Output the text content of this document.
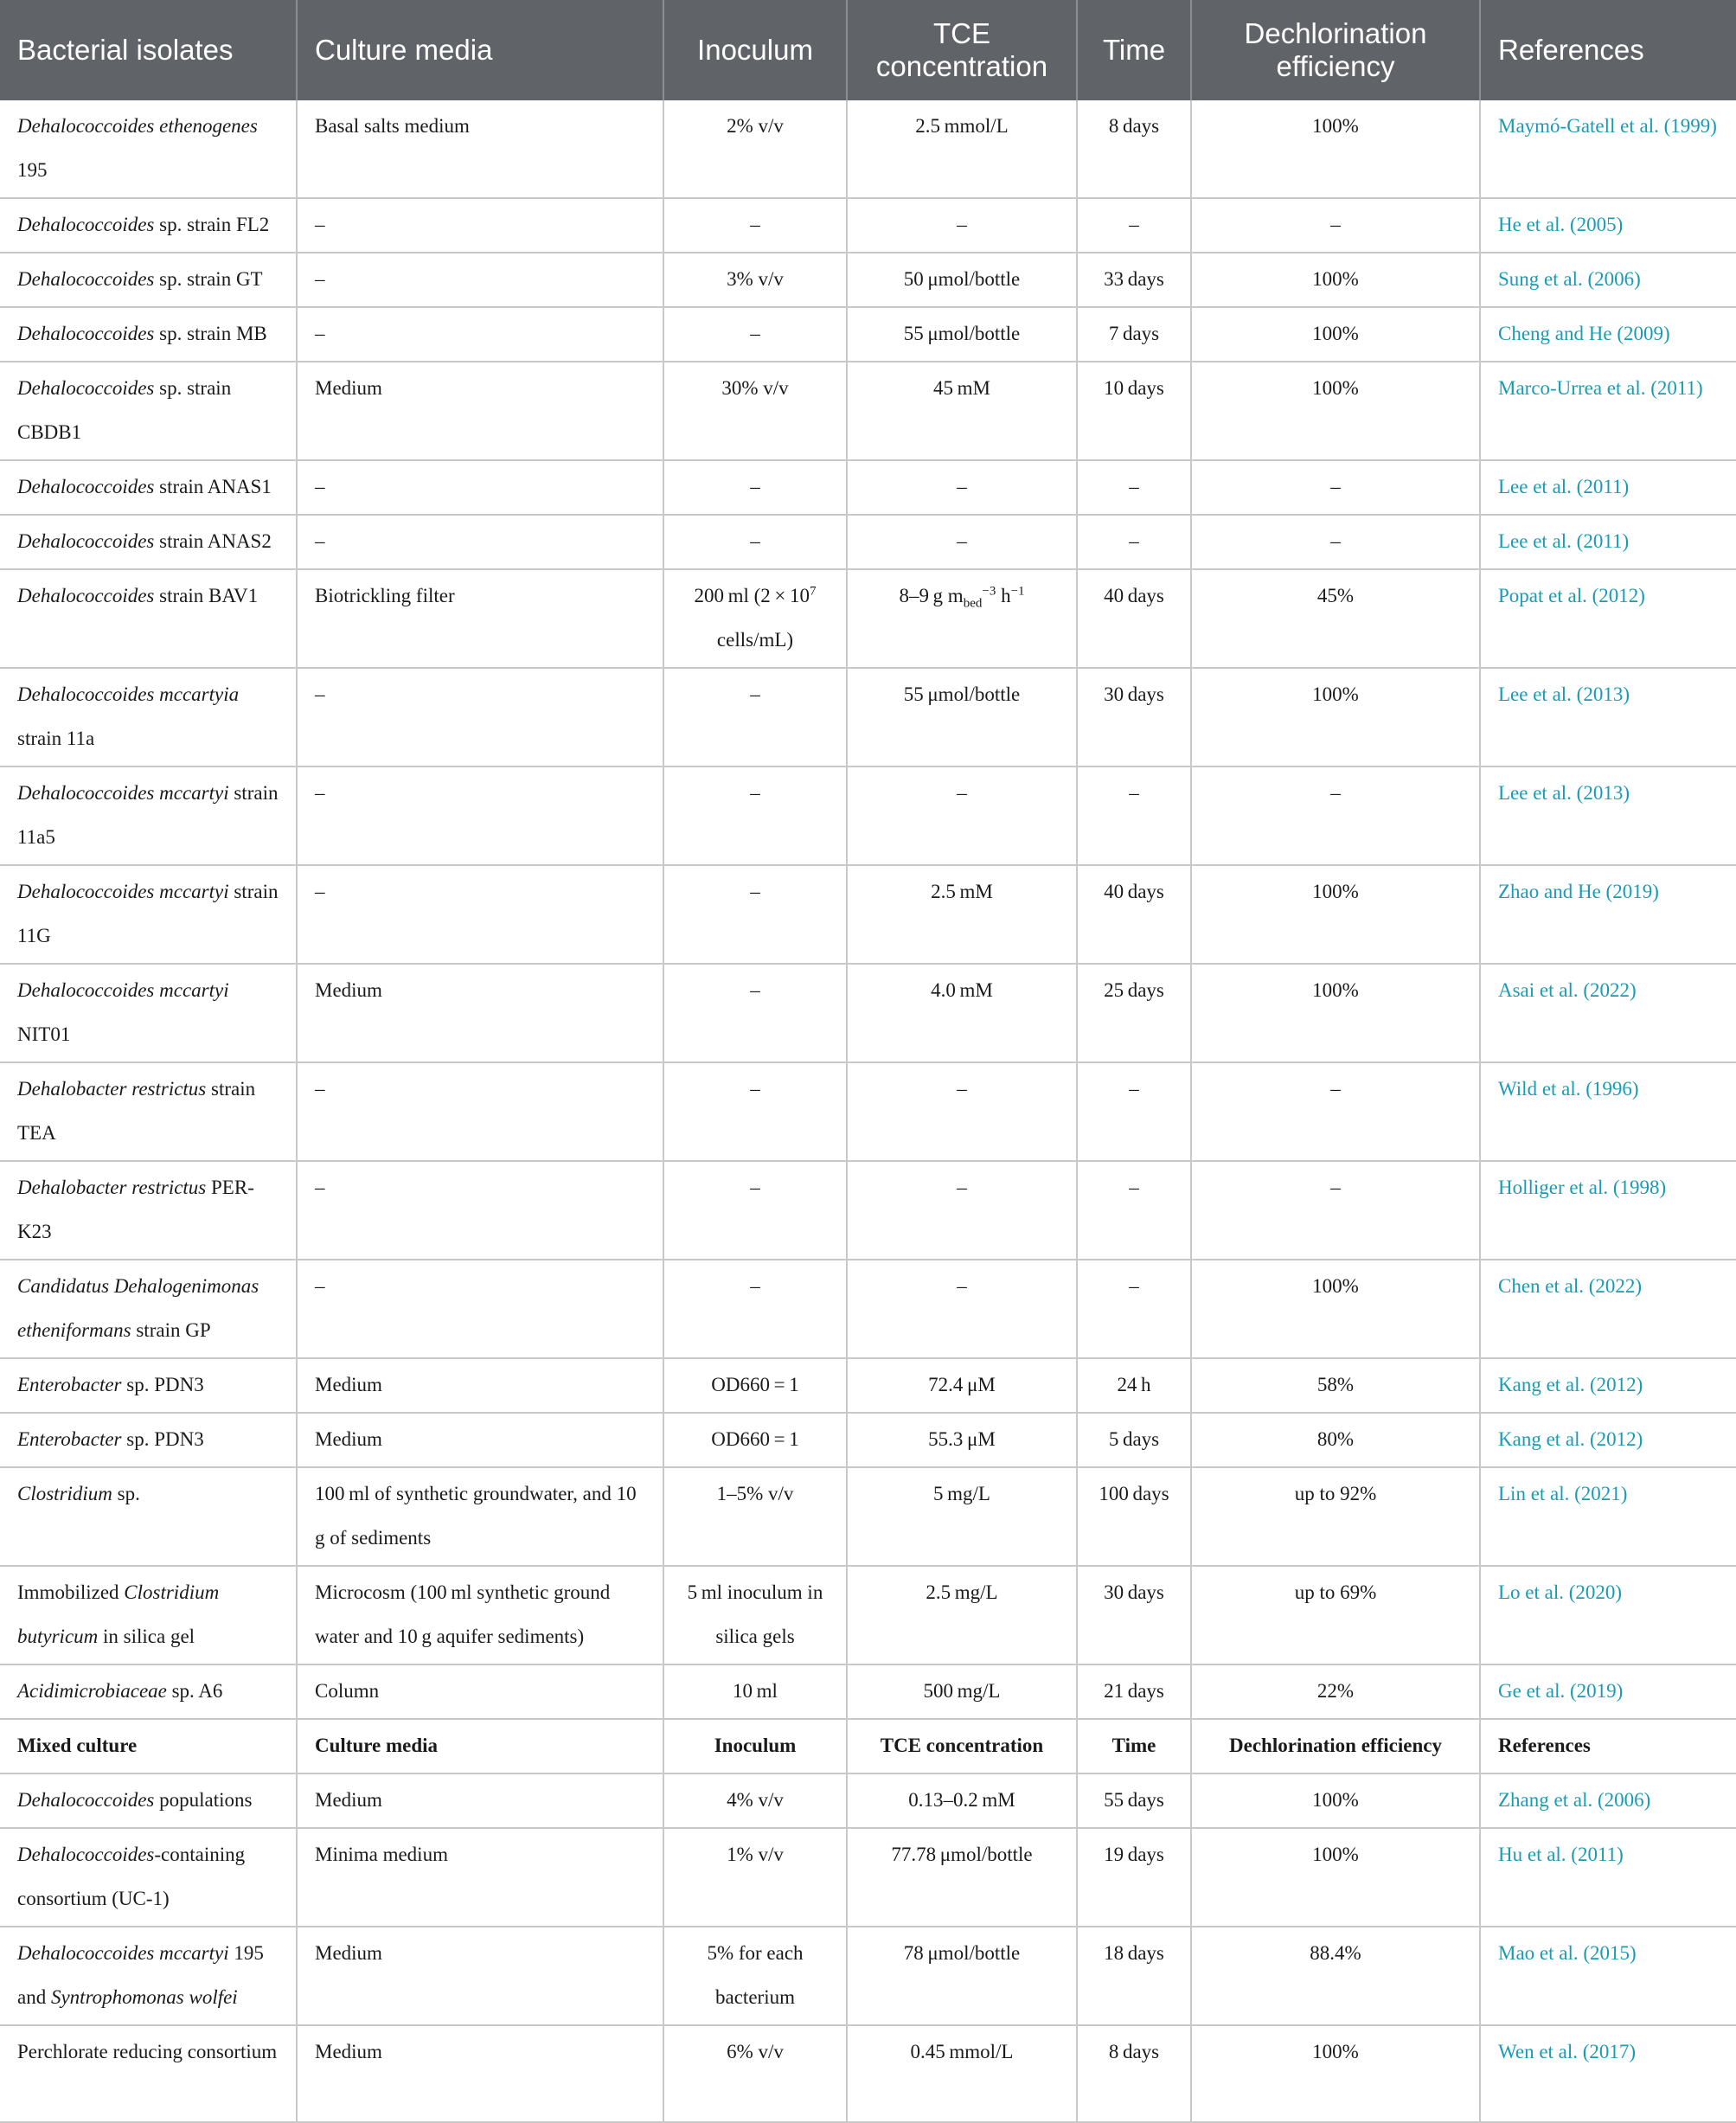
Bacterial isolates	Culture media	Inoculum	TCE concentration	Time	Dechlorination efficiency	References
Dehalococcoides ethenogenes 195	Basal salts medium	2% v/v	2.5 mmol/L	8 days	100%	Maymó-Gatell et al. (1999)
Dehalococcoides sp. strain FL2	–	–	–	–	–	He et al. (2005)
Dehalococcoides sp. strain GT	–	3% v/v	50 μmol/bottle	33 days	100%	Sung et al. (2006)
Dehalococcoides sp. strain MB	–	–	55 μmol/bottle	7 days	100%	Cheng and He (2009)
Dehalococcoides sp. strain CBDB1	Medium	30% v/v	45 mM	10 days	100%	Marco-Urrea et al. (2011)
Dehalococcoides strain ANAS1	–	–	–	–	–	Lee et al. (2011)
Dehalococcoides strain ANAS2	–	–	–	–	–	Lee et al. (2011)
Dehalococcoides strain BAV1	Biotrickling filter	200 ml ($2 \times 10^7$ cells/mL)	8–9 g $m_{bed}^{-3}$ $h^{-1}$	40 days	45%	Popat et al. (2012)
Dehalococcoides mccartyia strain 11a	–	–	55 μmol/bottle	30 days	100%	Lee et al. (2013)
Dehalococcoides mccartyi strain 11a5	–	–	–	–	–	Lee et al. (2013)
Dehalococcoides mccartyi strain 11G	–	–	2.5 mM	40 days	100%	Zhao and He (2019)
Dehalococcoides mccartyi NIT01	Medium	–	4.0 mM	25 days	100%	Asai et al. (2022)
Dehalobacter restrictus strain TEA	–	–	–	–	–	Wild et al. (1996)
Dehalobacter restrictus PER-K23	–	–	–	–	–	Holliger et al. (1998)
Candidatus Dehalogenimonas etheniformans strain GP	–	–	–	–	100%	Chen et al. (2022)
Enterobacter sp. PDN3	Medium	OD660 = 1	72.4 μM	24 h	58%	Kang et al. (2012)
Enterobacter sp. PDN3	Medium	OD660 = 1	55.3 μM	5 days	80%	Kang et al. (2012)
Clostridium sp.	100 ml of synthetic groundwater, and 10 g of sediments	1–5% v/v	5 mg/L	100 days	up to 92%	Lin et al. (2021)
Immobilized Clostridium butyricum in silica gel	Microcosm (100 ml synthetic ground water and 10 g aquifer sediments)	5 ml inoculum in silica gels	2.5 mg/L	30 days	up to 69%	Lo et al. (2020)
Acidimicrobiaceae sp. A6	Column	10 ml	500 mg/L	21 days	22%	Ge et al. (2019)
Mixed culture	Culture media	Inoculum	TCE concentration	Time	Dechlorination efficiency	References
Dehalococcoides populations	Medium	4% v/v	0.13–0.2 mM	55 days	100%	Zhang et al. (2006)
Dehalococcoides-containing consortium (UC-1)	Minima medium	1% v/v	77.78 μmol/bottle	19 days	100%	Hu et al. (2011)
Dehalococcoides mccartyi 195 and Syntrophomonas wolfei	Medium	5% for each bacterium	78 μmol/bottle	18 days	88.4%	Mao et al. (2015)
Perchlorate reducing consortium	Medium	6% v/v	0.45 mmol/L	8 days	100%	Wen et al. (2017)
